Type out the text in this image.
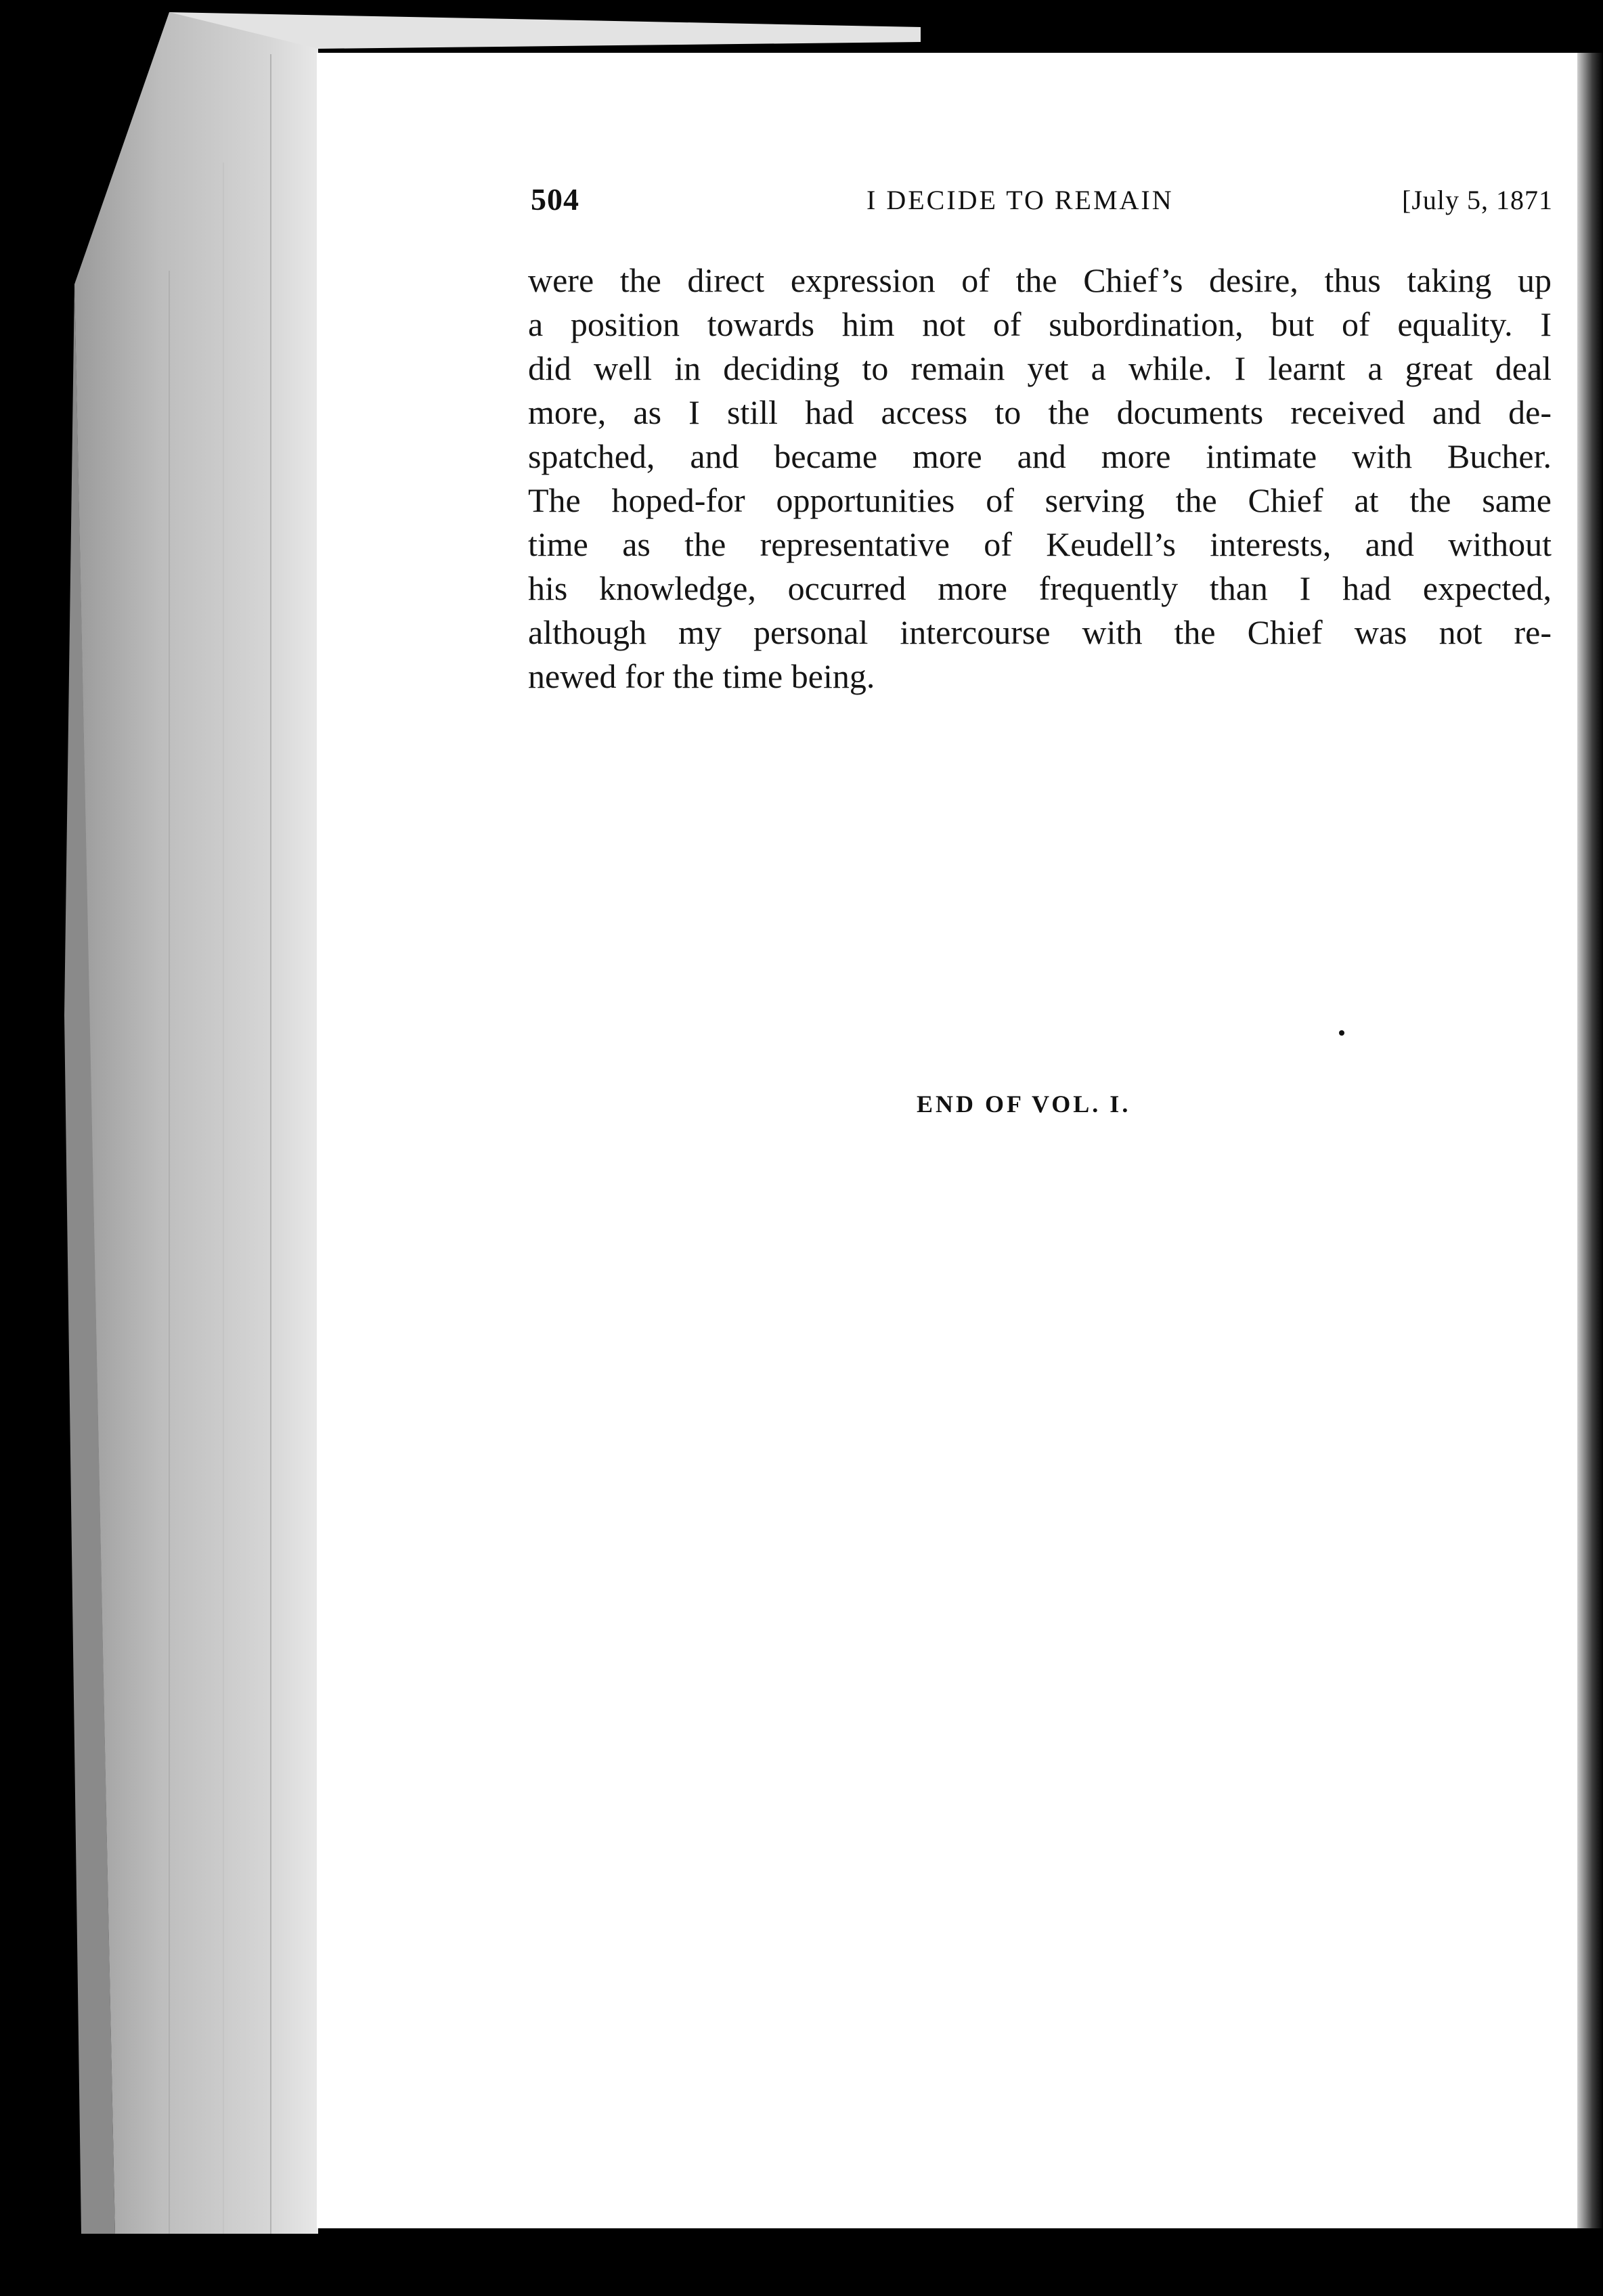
504	I DECIDE TO REMAIN	[July 5, 1871
were the direct expression of the Chief’s desire, thus taking up
a position towards him not of subordination, but of equality. I
did well in deciding to remain yet a while. I learnt a great deal
more, as I still had access to the documents received and de-
spatched, and became more and more intimate with Bucher.
The hoped-for opportunities of serving the Chief at the same
time as the representative of Keudell’s interests, and without
his knowledge, occurred more frequently than I had expected,
although my personal intercourse with the Chief was not re-
newed for the time being.
END OF VOL. I.
